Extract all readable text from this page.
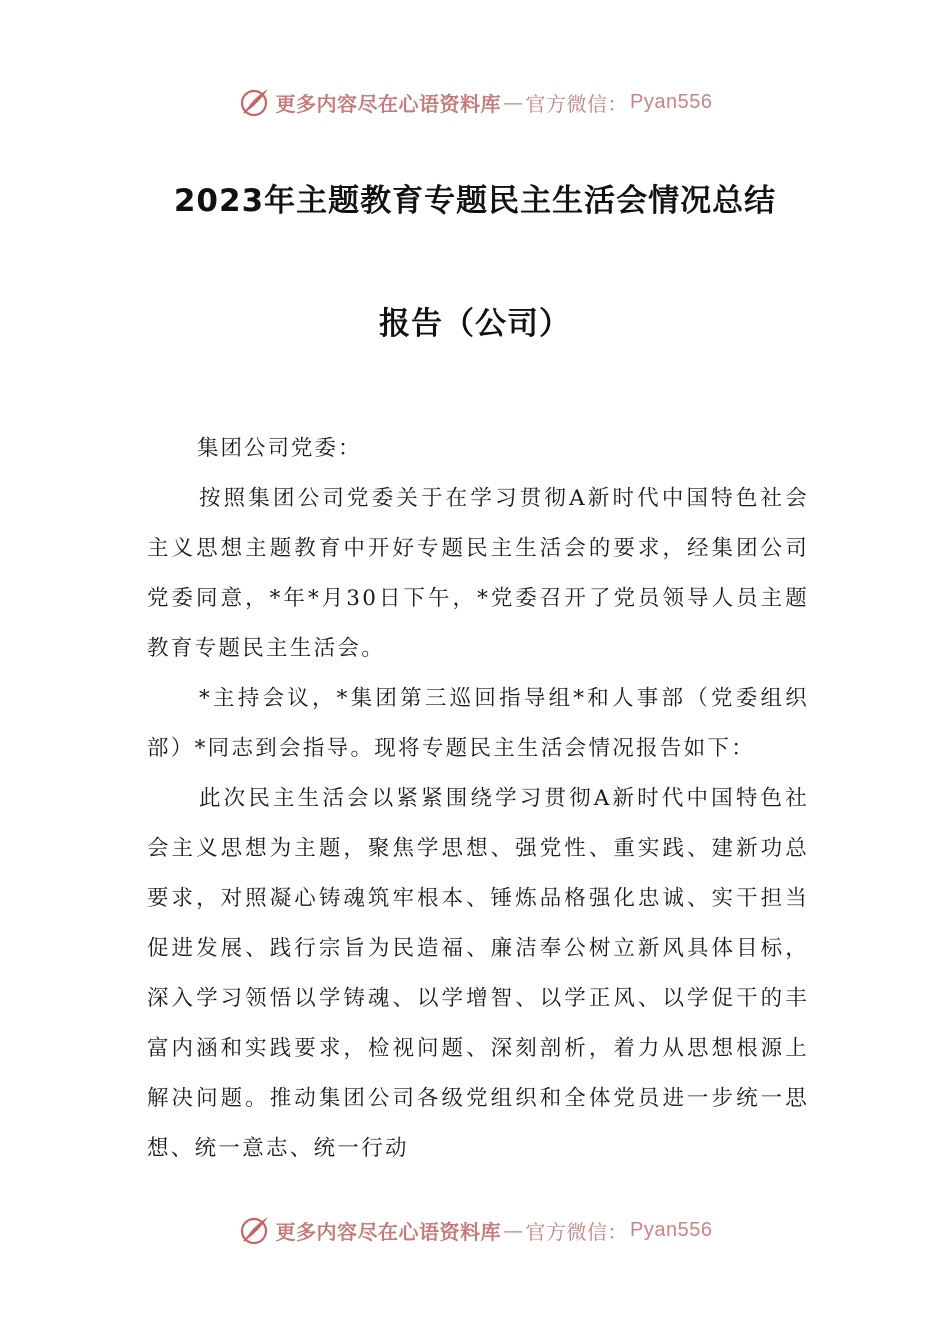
更多内容尽在心语资料库 — 官方微信： Pyan556
2023年主题教育专题民主生活会情况总结
报告（公司）

集团公司党委：

按照集团公司党委关于在学习贯彻A新时代中国特色社会主义思想主题教育中开好专题民主生活会的要求，经集团公司党委同意，*年*月30日下午，*党委召开了党员领导人员主题教育专题民主生活会。

*主持会议，*集团第三巡回指导组*和人事部（党委组织部）*同志到会指导。现将专题民主生活会情况报告如下：

此次民主生活会以紧紧围绕学习贯彻A新时代中国特色社会主义思想为主题，聚焦学思想、强党性、重实践、建新功总要求，对照凝心铸魂筑牢根本、锤炼品格强化忠诚、实干担当促进发展、践行宗旨为民造福、廉洁奉公树立新风具体目标，深入学习领悟以学铸魂、以学增智、以学正风、以学促干的丰富内涵和实践要求，检视问题、深刻剖析，着力从思想根源上解决问题。推动集团公司各级党组织和全体党员进一步统一思想、统一意志、统一行动

更多内容尽在心语资料库 — 官方微信： Pyan556
